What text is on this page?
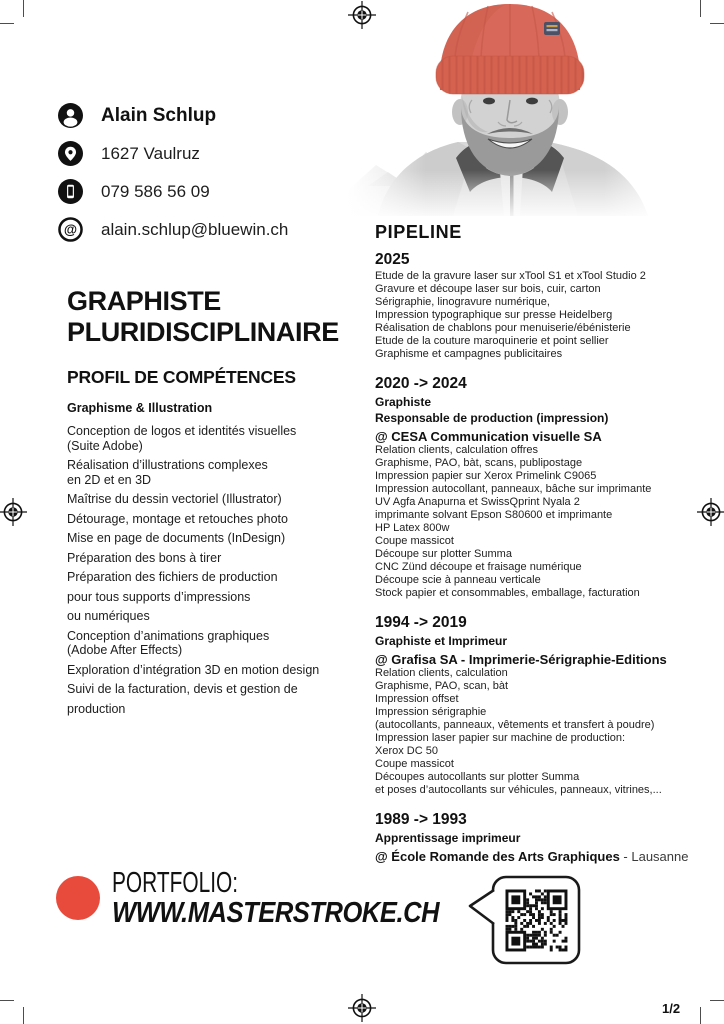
Alain Schlup
1627 Vaulruz
079 586 56 09
@ alain.schlup@bluewin.ch
GRAPHISTE
PLURIDISCIPLINAIRE
PROFIL DE COMPÉTENCES
Graphisme & Illustration
Conception de logos et identités visuelles
(Suite Adobe)
Réalisation d’illustrations complexes
en 2D et en 3D
Maîtrise du dessin vectoriel (Illustrator)
Détourage, montage et retouches photo
Mise en page de documents (InDesign)
Préparation des bons à tirer
Préparation des fichiers de production
pour tous supports d’impressions
ou numériques
Conception d’animations graphiques
(Adobe After Effects)
Exploration d’intégration 3D en motion design
Suivi de la facturation, devis et gestion de
production
PIPELINE
2025
Etude de la gravure laser sur xTool S1 et xTool Studio 2
Gravure et découpe laser sur bois, cuir, carton
Sérigraphie, linogravure numérique,
Impression typographique sur presse Heidelberg
Réalisation de chablons pour menuiserie/ébénisterie
Etude de la couture maroquinerie et point sellier
Graphisme et campagnes publicitaires
2020 -> 2024
Graphiste
Responsable de production (impression)
@ CESA Communication visuelle SA
Relation clients, calculation offres
Graphisme, PAO, bàt, scans, publipostage
Impression papier sur Xerox Primelink C9065
Impression autocollant, panneaux, bâche sur imprimante
UV Agfa Anapurna et SwissQprint Nyala 2
imprimante solvant Epson S80600 et imprimante
HP Latex 800w
Coupe massicot
Découpe sur plotter Summa
CNC Zünd découpe et fraisage numérique
Découpe scie à panneau verticale
Stock papier et consommables, emballage, facturation
1994 -> 2019
Graphiste et Imprimeur
@ Grafisa SA - Imprimerie-Sérigraphie-Editions
Relation clients, calculation
Graphisme, PAO, scan, bàt
Impression offset
Impression sérigraphie
(autocollants, panneaux, vêtements et transfert à poudre)
Impression laser papier sur machine de production:
Xerox DC 50
Coupe massicot
Découpes autocollants sur plotter Summa
et poses d’autocollants sur véhicules, panneaux, vitrines,...
1989 -> 1993
Apprentissage imprimeur
@ École Romande des Arts Graphiques - Lausanne
PORTFOLIO:
WWW.MASTERSTROKE.CH
1/2
